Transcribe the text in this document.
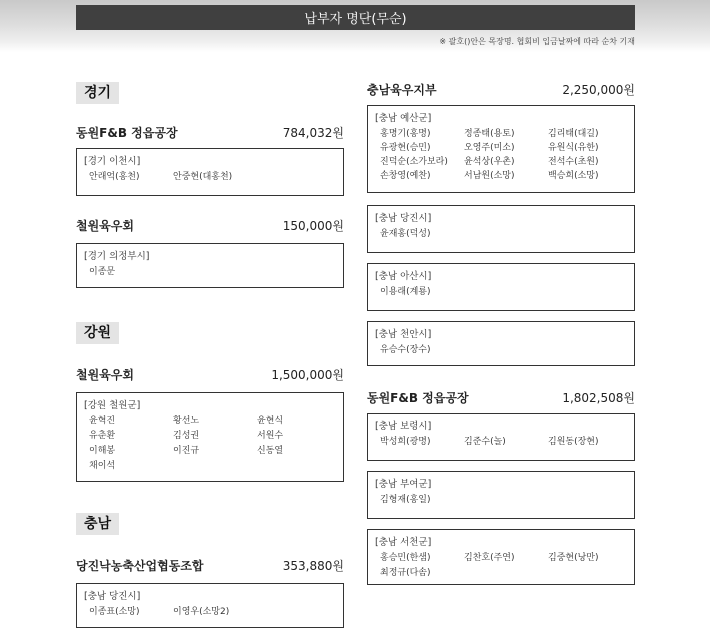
납부자 명단(무순)
※ 괄호()안은 목장명. 협회비 입금날짜에 따라 순차 기재
경기
동원F&B 정읍공장	784,032원
[경기 이천시]
안래억(홍천)	안중현(대홍천)
철원육우회	150,000원
[경기 의정부시]
이종문
강원
철원육우회	1,500,000원
[강원 철원군]
윤혁진	황선노	윤현식
유춘환	김성권	서원수
이해봉	이진규	신동열
채이석
충남
당진낙농축산업협동조합	353,880원
[충남 당진시]
이종표(소망)	이영우(소망2)
충남육우지부	2,250,000원
[충남 예산군]
홍명기(홍명)	정종태(용토)	김리태(대길)
유광현(승민)	오영주(미소)	유원식(유한)
진덕순(소가보라)	윤석상(우촌)	전석수(초원)
손창영(예찬)	서남원(소망)	백승희(소망)
[충남 당진시]
윤재홍(덕성)
[충남 아산시]
이용래(계룡)
[충남 천안시]
유승수(장수)
동원F&B 정읍공장	1,802,508원
[충남 보령시]
박성희(광명)	김준수(놀)	김원동(장현)
[충남 부여군]
김형재(홍일)
[충남 서천군]
홍승민(한샘)	김찬호(주연)	김중현(낭만)
최정규(다솜)
